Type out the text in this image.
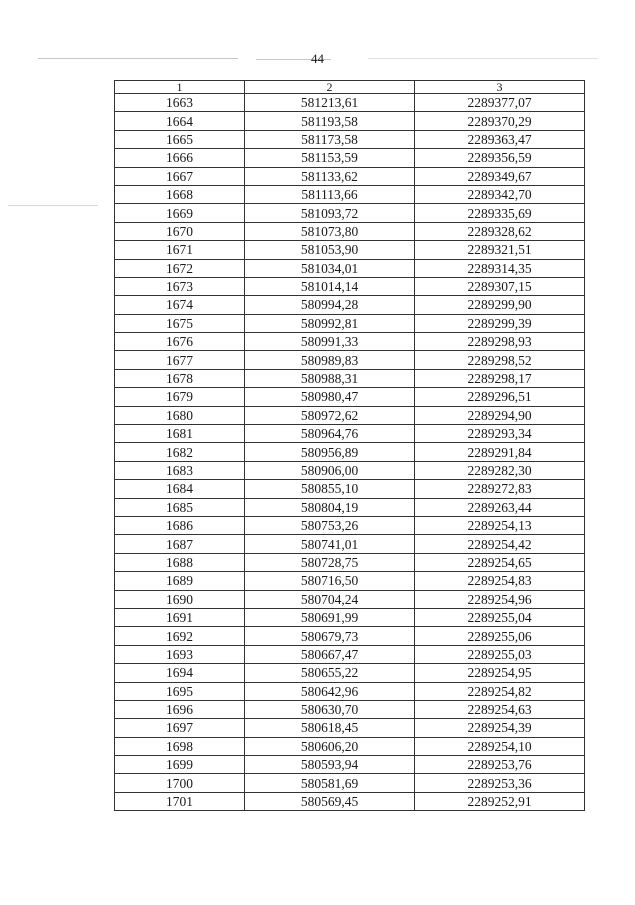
44
1	2	3
1663	581213,61	2289377,07
1664	581193,58	2289370,29
1665	581173,58	2289363,47
1666	581153,59	2289356,59
1667	581133,62	2289349,67
1668	581113,66	2289342,70
1669	581093,72	2289335,69
1670	581073,80	2289328,62
1671	581053,90	2289321,51
1672	581034,01	2289314,35
1673	581014,14	2289307,15
1674	580994,28	2289299,90
1675	580992,81	2289299,39
1676	580991,33	2289298,93
1677	580989,83	2289298,52
1678	580988,31	2289298,17
1679	580980,47	2289296,51
1680	580972,62	2289294,90
1681	580964,76	2289293,34
1682	580956,89	2289291,84
1683	580906,00	2289282,30
1684	580855,10	2289272,83
1685	580804,19	2289263,44
1686	580753,26	2289254,13
1687	580741,01	2289254,42
1688	580728,75	2289254,65
1689	580716,50	2289254,83
1690	580704,24	2289254,96
1691	580691,99	2289255,04
1692	580679,73	2289255,06
1693	580667,47	2289255,03
1694	580655,22	2289254,95
1695	580642,96	2289254,82
1696	580630,70	2289254,63
1697	580618,45	2289254,39
1698	580606,20	2289254,10
1699	580593,94	2289253,76
1700	580581,69	2289253,36
1701	580569,45	2289252,91
